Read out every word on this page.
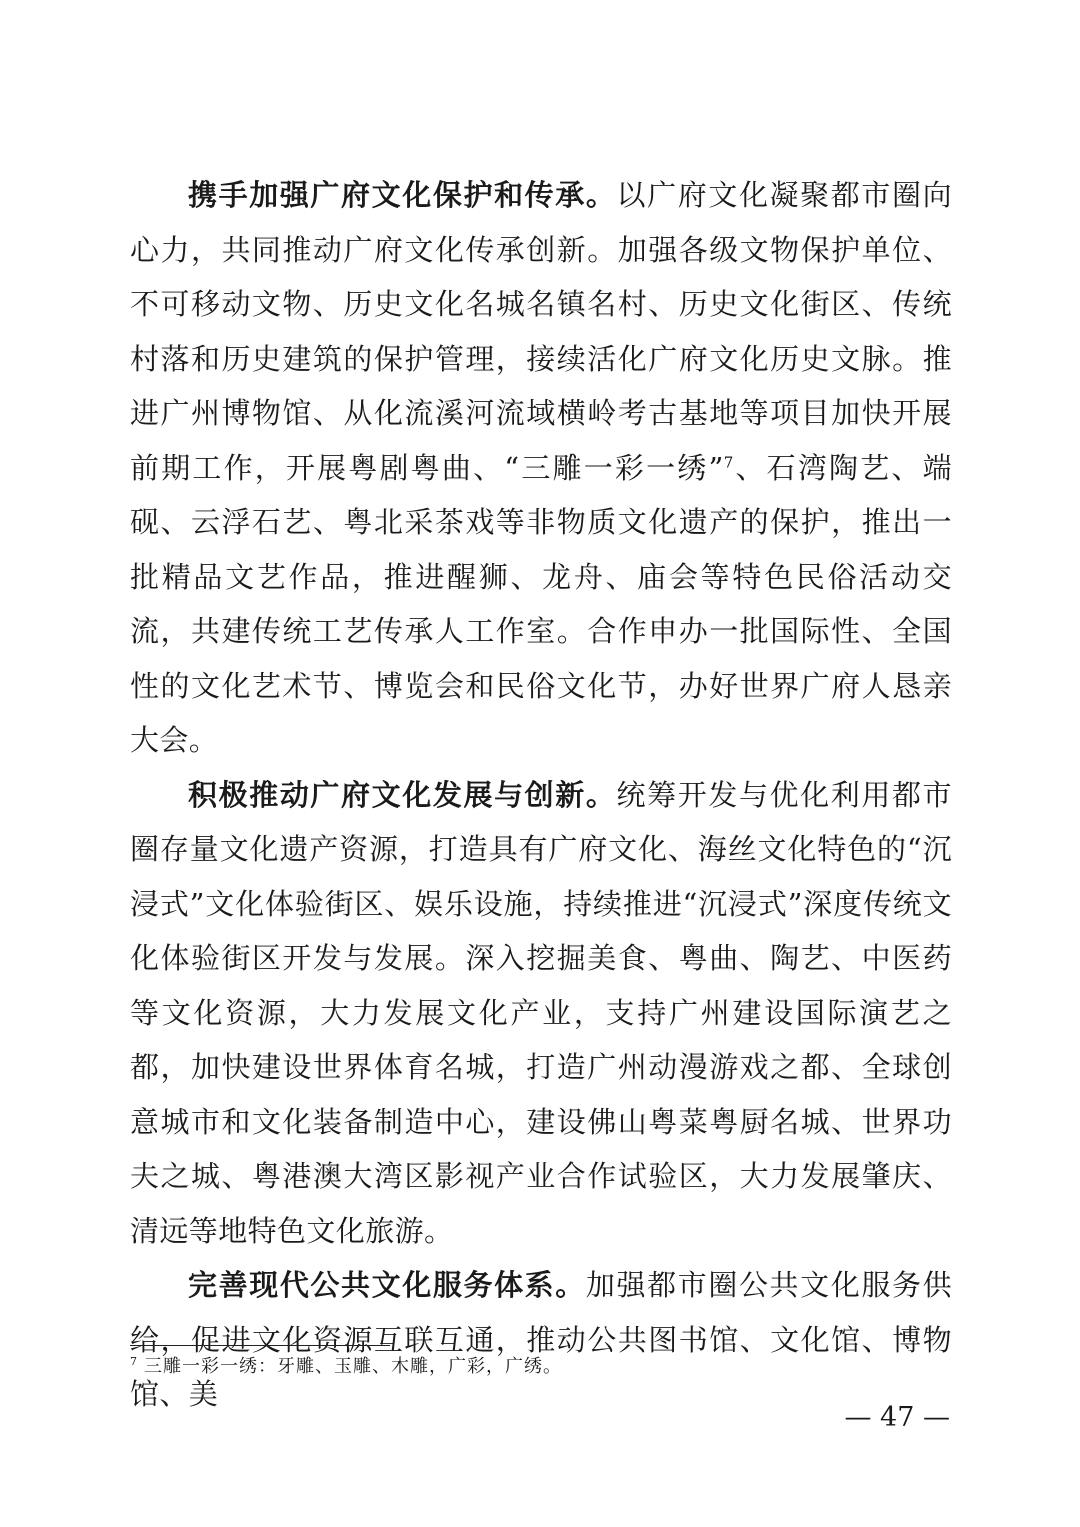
携手加强广府文化保护和传承。以广府文化凝聚都市圈向心力，共同推动广府文化传承创新。加强各级文物保护单位、不可移动文物、历史文化名城名镇名村、历史文化街区、传统村落和历史建筑的保护管理，接续活化广府文化历史文脉。推进广州博物馆、从化流溪河流域横岭考古基地等项目加快开展前期工作，开展粤剧粤曲、“三雕一彩一绣”$^7$、石湾陶艺、端砚、云浮石艺、粤北采茶戏等非物质文化遗产的保护，推出一批精品文艺作品，推进醒狮、龙舟、庙会等特色民俗活动交流，共建传统工艺传承人工作室。合作申办一批国际性、全国性的文化艺术节、博览会和民俗文化节，办好世界广府人恳亲大会。

积极推动广府文化发展与创新。统筹开发与优化利用都市圈存量文化遗产资源，打造具有广府文化、海丝文化特色的“沉浸式”文化体验街区、娱乐设施，持续推进“沉浸式”深度传统文化体验街区开发与发展。深入挖掘美食、粤曲、陶艺、中医药等文化资源，大力发展文化产业，支持广州建设国际演艺之都，加快建设世界体育名城，打造广州动漫游戏之都、全球创意城市和文化装备制造中心，建设佛山粤菜粤厨名城、世界功夫之城、粤港澳大湾区影视产业合作试验区，大力发展肇庆、清远等地特色文化旅游。

完善现代公共文化服务体系。加强都市圈公共文化服务供给，促进文化资源互联互通，推动公共图书馆、文化馆、博物馆、美

$^7$ 三雕一彩一绣：牙雕、玉雕、木雕，广彩，广绣。
— 47 —
